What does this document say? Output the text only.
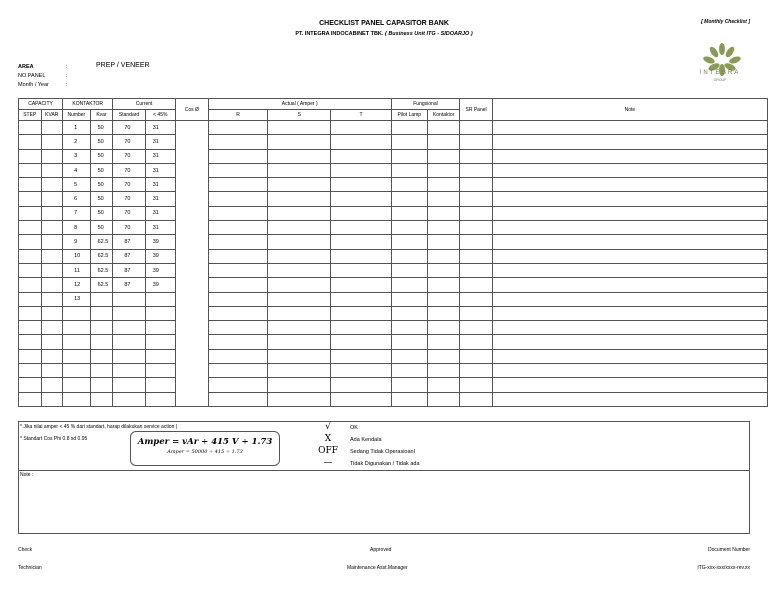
CHECKLIST PANEL CAPASITOR BANK
PT. INTEGRA INDOCABINET TBK. ( Business Unit ITG - SIDOARJO )
[ Monthly Checklist ]
INTEGRA
GROUP
AREA	:	PREP / VENEER
NO.PANEL	:
Month / Year	:
CAPACITY		KONTAKTOR		Current		Cos Ø	Actual ( Amper )			Fungsional		SR Panel	Note
STEP	KVAR	Number	Kvar	Standard	< 45%		R	S	T	Pilot Lamp	Kontaktor		
		1	50	70	31								
		2	50	70	31								
		3	50	70	31								
		4	50	70	31								
		5	50	70	31								
		6	50	70	31								
		7	50	70	31								
		8	50	70	31								
		9	62.5	87	39								
		10	62.5	87	39								
		11	62.5	87	39								
		12	62.5	87	39								
		13											

* Jika nilai amper < 45 % dari standart, harap dilakukan service action )
* Standart Cos Phi 0.8 sd 0.95	Amper = vAr ÷ 415 V ÷ 1.73
Amper = 50000 ÷ 415 ÷ 1.73
√	OK
X	Ada Kendala
OFF Sedang Tidak Operasioanl
—	Tidak Digunakan / Tidak ada
Note :
Check	Approved	Document Number
Technician	Maintenance Asst.Manager	ITG-xxx-xxx/xxxx-rev.xx
